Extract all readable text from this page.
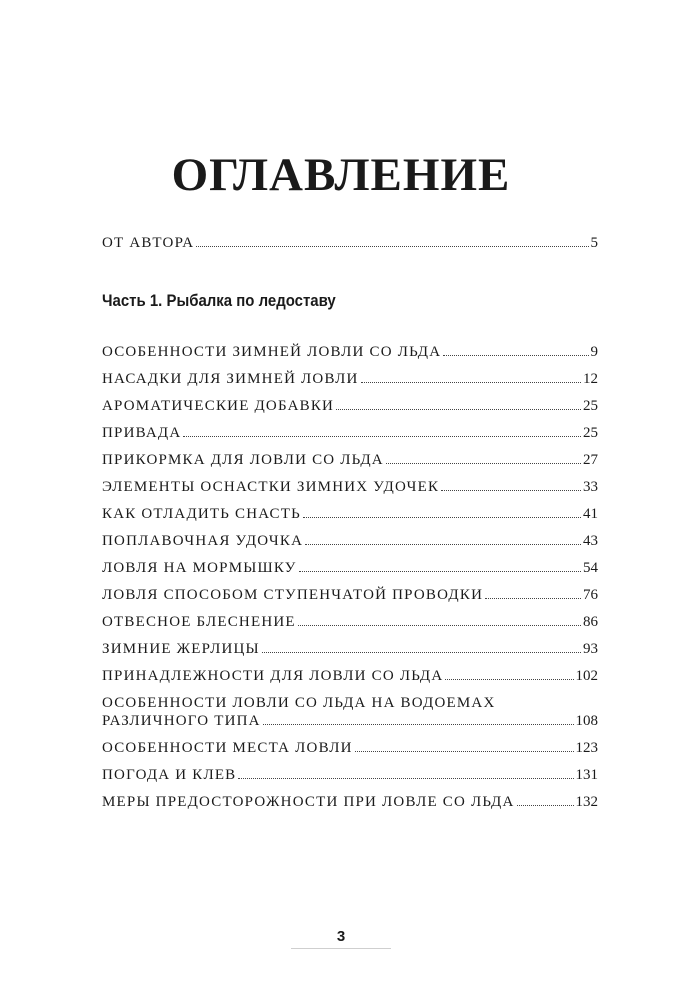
ОГЛАВЛЕНИЕ
ОТ АВТОРА	5
Часть 1. Рыбалка по ледоставу
ОСОБЕННОСТИ ЗИМНЕЙ ЛОВЛИ СО ЛЬДА	9
НАСАДКИ ДЛЯ ЗИМНЕЙ ЛОВЛИ	12
АРОМАТИЧЕСКИЕ ДОБАВКИ	25
ПРИВАДА	25
ПРИКОРМКА ДЛЯ ЛОВЛИ СО ЛЬДА	27
ЭЛЕМЕНТЫ ОСНАСТКИ ЗИМНИХ УДОЧЕК	33
КАК ОТЛАДИТЬ СНАСТЬ	41
ПОПЛАВОЧНАЯ УДОЧКА	43
ЛОВЛЯ НА МОРМЫШКУ	54
ЛОВЛЯ СПОСОБОМ СТУПЕНЧАТОЙ ПРОВОДКИ	76
ОТВЕСНОЕ БЛЕСНЕНИЕ	86
ЗИМНИЕ ЖЕРЛИЦЫ	93
ПРИНАДЛЕЖНОСТИ ДЛЯ ЛОВЛИ СО ЛЬДА	102
ОСОБЕННОСТИ ЛОВЛИ СО ЛЬДА НА ВОДОЕМАХ
РАЗЛИЧНОГО ТИПА	108
ОСОБЕННОСТИ МЕСТА ЛОВЛИ	123
ПОГОДА И КЛЕВ	131
МЕРЫ ПРЕДОСТОРОЖНОСТИ ПРИ ЛОВЛЕ СО ЛЬДА	132
3
